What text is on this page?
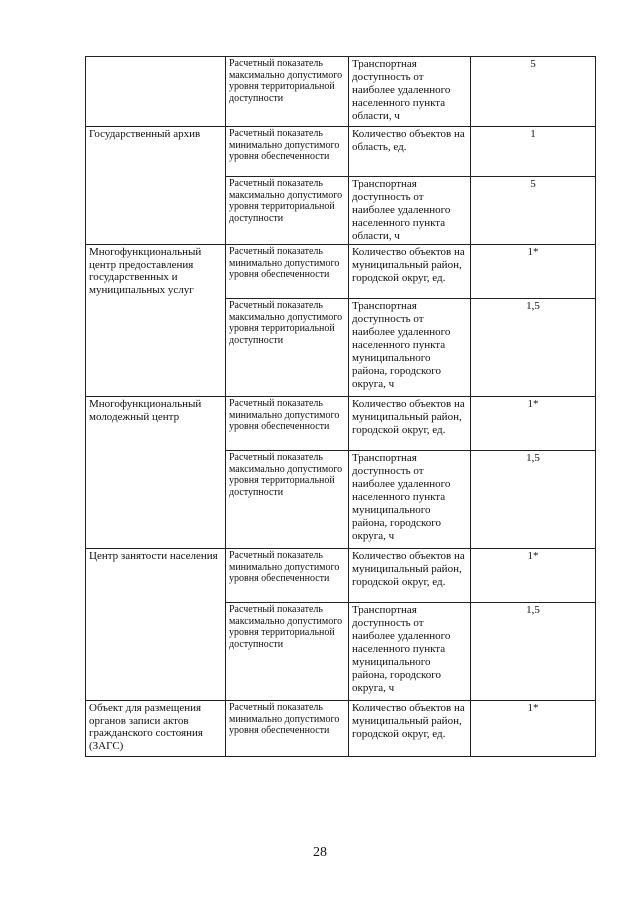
	Расчетный показатель максимально допустимого уровня территориальной доступности	Транспортная доступность от наиболее удаленного населенного пункта области, ч	5
Государственный архив	Расчетный показатель минимально допустимого уровня обеспеченности	Количество объектов на область, ед.	1
	Расчетный показатель максимально допустимого уровня территориальной доступности	Транспортная доступность от наиболее удаленного населенного пункта области, ч	5
Многофункциональный центр предоставления государственных и муниципальных услуг	Расчетный показатель минимально допустимого уровня обеспеченности	Количество объектов на муниципальный район, городской округ, ед.	1*
	Расчетный показатель максимально допустимого уровня территориальной доступности	Транспортная доступность от наиболее удаленного населенного пункта муниципального района, городского округа, ч	1,5
Многофункциональный молодежный центр	Расчетный показатель минимально допустимого уровня обеспеченности	Количество объектов на муниципальный район, городской округ, ед.	1*
	Расчетный показатель максимально допустимого уровня территориальной доступности	Транспортная доступность от наиболее удаленного населенного пункта муниципального района, городского округа, ч	1,5
Центр занятости населения	Расчетный показатель минимально допустимого уровня обеспеченности	Количество объектов на муниципальный район, городской округ, ед.	1*
	Расчетный показатель максимально допустимого уровня территориальной доступности	Транспортная доступность от наиболее удаленного населенного пункта муниципального района, городского округа, ч	1,5
Объект для размещения органов записи актов гражданского состояния (ЗАГС)	Расчетный показатель минимально допустимого уровня обеспеченности	Количество объектов на муниципальный район, городской округ, ед.	1*
28
